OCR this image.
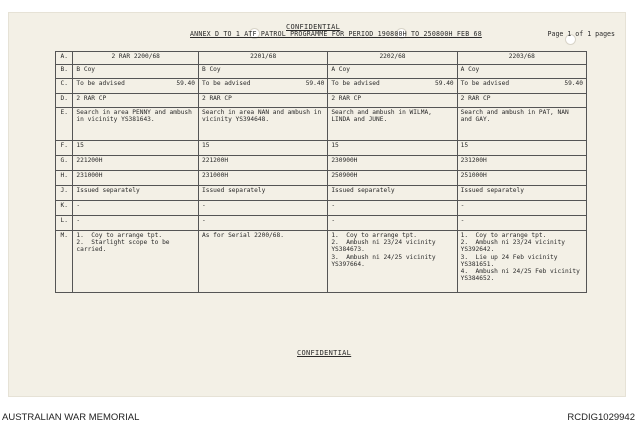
CONFIDENTIAL
ANNEX D TO 1 ATF PATROL PROGRAMME FOR PERIOD 190800H TO 250800H FEB 68	Page 1 of 1 pages
A.	2 RAR 2200/68	2201/68	2202/68	2203/68
B.	B Coy	B Coy	A Coy	A Coy
C.	To be advised 59.40	To be advised 59.40	To be advised 59.40	To be advised 59.40

D.	2 RAR CP	2 RAR CP	2 RAR CP	2 RAR CP
E.	Search in area PENNY and ambush in vicinity YS381643.	Search in area NAN and ambush in vicinity YS394648.	Search and ambush in WILMA, LINDA and JUNE.	Search and ambush in PAT, NAN and GAY.
F.	15	15	15	15
G.	221200H	221200H	230900H	231200H
H.	231000H	231000H	250900H	251000H
J.	Issued separately	Issued separately	Issued separately	Issued separately
K.	-	-	-	-
L.	-	-	-	-
M.	1.  Coy to arrange tpt.
2.  Starlight scope to be carried.	As for Serial 2200/68.	1.  Coy to arrange tpt.
2.  Ambush ni 23/24 vicinity YS384673.
3.  Ambush ni 24/25 vicinity YS397664.	1.  Coy to arrange tpt.
2.  Ambush ni 23/24 vicinity YS392642.
3.  Lie up 24 Feb vicinity YS381651.
4.  Ambush ni 24/25 Feb vicinity YS384652.
CONFIDENTIAL
AUSTRALIAN WAR MEMORIAL	RCDIG1029942
